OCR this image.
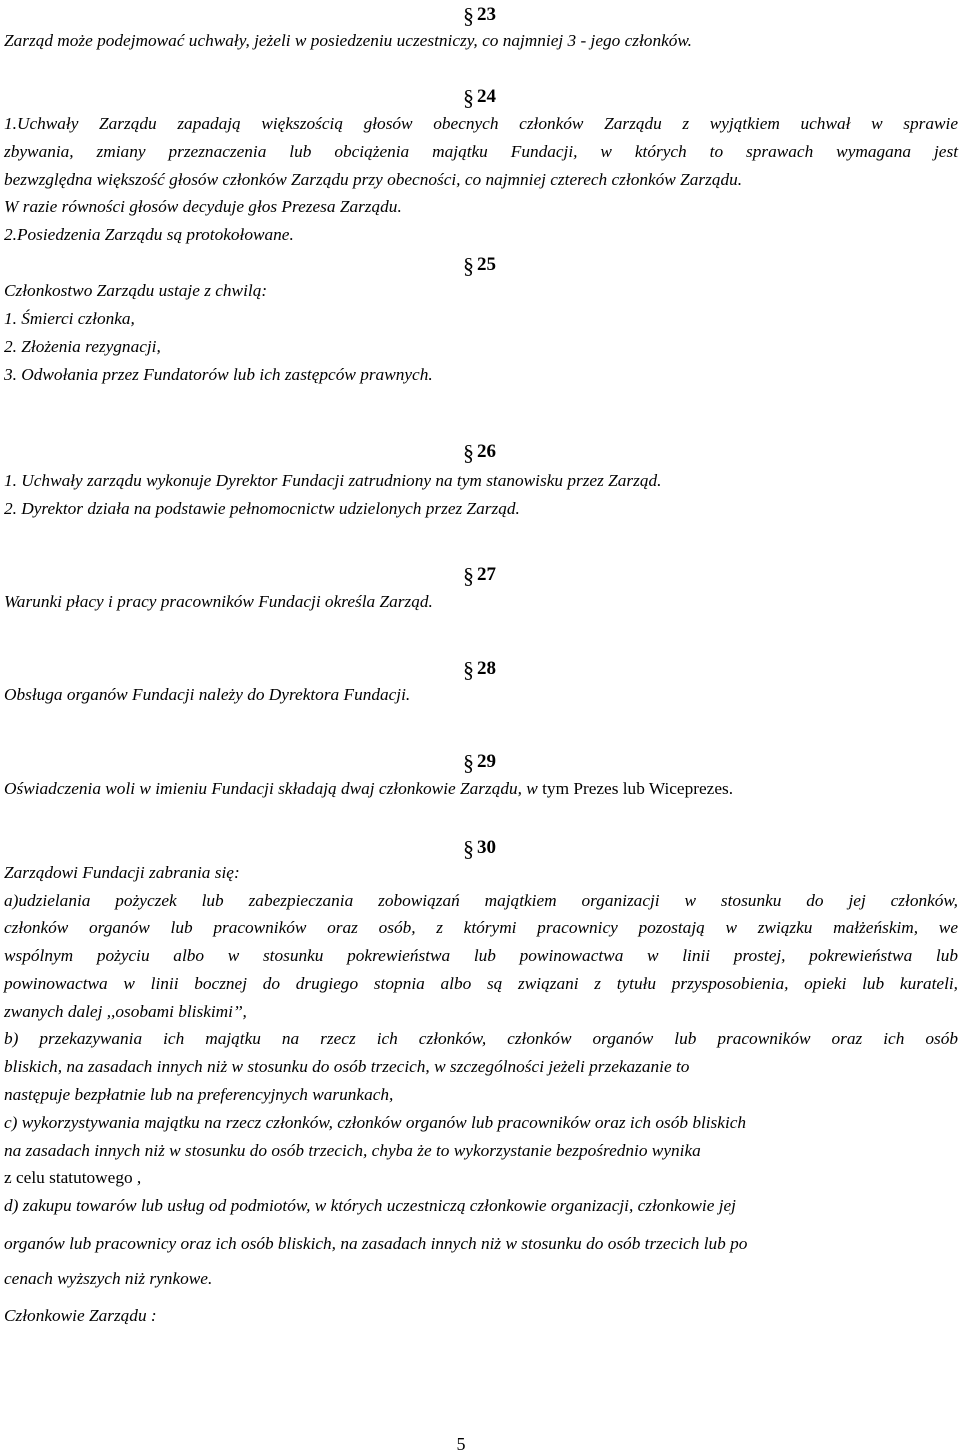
§ 23
Zarząd może podejmować uchwały, jeżeli w posiedzeniu uczestniczy, co najmniej 3 - jego członków.
§ 24
1.Uchwały Zarządu zapadają większością głosów obecnych członków Zarządu z wyjątkiem uchwał w sprawie
zbywania, zmiany przeznaczenia lub obciążenia majątku Fundacji, w których to sprawach wymagana jest
bezwzględna większość głosów członków Zarządu przy obecności, co najmniej czterech członków Zarządu.
W razie równości głosów decyduje głos Prezesa Zarządu.
2.Posiedzenia Zarządu są protokołowane.
§ 25
Członkostwo Zarządu ustaje z chwilą:
1. Śmierci członka,
2. Złożenia rezygnacji,
3. Odwołania przez Fundatorów lub ich zastępców prawnych.
§ 26
1. Uchwały zarządu wykonuje Dyrektor Fundacji zatrudniony na tym stanowisku przez Zarząd.
2. Dyrektor działa na podstawie pełnomocnictw udzielonych przez Zarząd.
§ 27
Warunki płacy i pracy pracowników Fundacji określa Zarząd.
§ 28
Obsługa organów Fundacji należy do Dyrektora Fundacji.
§ 29
Oświadczenia woli w imieniu Fundacji składają dwaj członkowie Zarządu, w tym Prezes lub Wiceprezes.
§ 30
Zarządowi Fundacji zabrania się:
a)udzielania pożyczek lub zabezpieczania zobowiązań majątkiem organizacji w stosunku do jej członków,
członków organów lub pracowników oraz osób, z którymi pracownicy pozostają w związku małżeńskim, we
wspólnym pożyciu albo w stosunku pokrewieństwa lub powinowactwa w linii prostej, pokrewieństwa lub
powinowactwa w linii bocznej do drugiego stopnia albo są związani z tytułu przysposobienia, opieki lub kurateli,
zwanych dalej ,,osobami bliskimi’’,
b) przekazywania ich majątku na rzecz ich członków, członków organów lub pracowników oraz ich osób
bliskich, na zasadach innych niż w stosunku do osób trzecich, w szczególności jeżeli przekazanie to
następuje bezpłatnie lub na preferencyjnych warunkach,
c) wykorzystywania majątku na rzecz członków, członków organów lub pracowników oraz ich osób bliskich
na zasadach innych niż w stosunku do osób trzecich, chyba że to wykorzystanie bezpośrednio wynika
z celu statutowego ,
d) zakupu towarów lub usług od podmiotów, w których uczestniczą członkowie organizacji, członkowie jej
organów lub pracownicy oraz ich osób bliskich, na zasadach innych niż w stosunku do osób trzecich lub po
cenach wyższych niż rynkowe.
Członkowie Zarządu :
5
